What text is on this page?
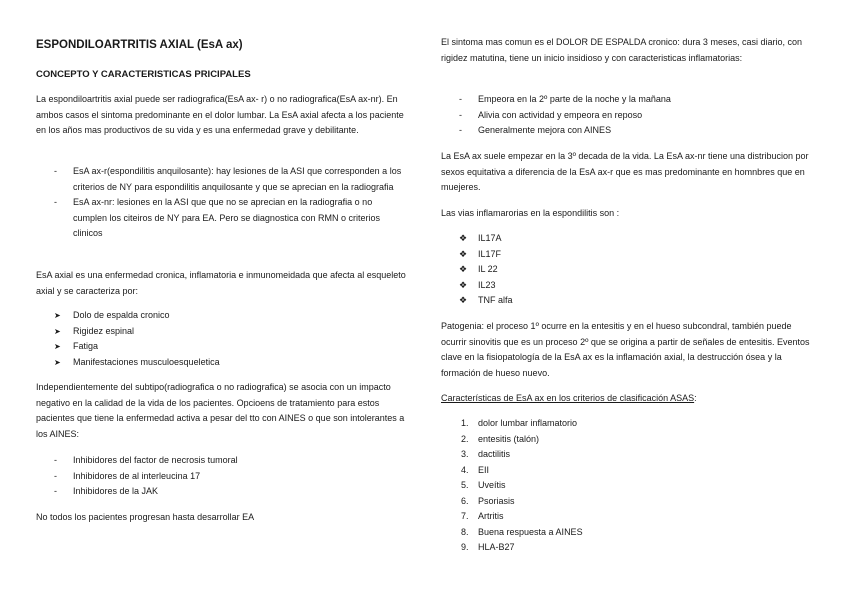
ESPONDILOARTRITIS AXIAL (EsA ax)
CONCEPTO Y CARACTERISTICAS PRICIPALES

La espondiloartritis axial puede ser radiografica(EsA ax- r) o no radiografica(EsA ax-nr). En ambos casos el sintoma predominante en el dolor lumbar. La EsA axial afecta a los paciente en los años mas productivos de su vida y es una enfermedad grave y debilitante.

- EsA ax-r(espondilitis anquilosante): hay lesiones de la ASI que corresponden a los criterios de NY para espondilitis anquilosante y que se aprecian en la radiografia
- EsA ax-nr: lesiones en la ASI que que no se aprecian en la radiografia o no cumplen los citeiros de NY para EA. Pero se diagnostica con RMN o criterios clinicos

EsA axial es una enfermedad cronica, inflamatoria e inmunomeidada que afecta al esqueleto axial y se caracteriza por:

➤ Dolo de espalda cronico
➤ Rigidez espinal
➤ Fatiga
➤ Manifestaciones musculoesqueletica

Independientemente del subtipo(radiografica o no radiografica) se asocia con un impacto negativo en la calidad de la vida de los pacientes. Opcioens de tratamiento para estos pacientes que tiene la enfermedad activa a pesar del tto con AINES o que son intolerantes a los AINES:

- Inhibidores del factor de necrosis tumoral
- Inhibidores de al interleucina 17
- Inhibidores de la JAK

No todos los pacientes progresan hasta desarrollar EA

El sintoma mas comun es el DOLOR DE ESPALDA cronico: dura 3 meses, casi diario, con rigidez matutina, tiene un inicio insidioso y con caracteristicas inflamatorias:

- Empeora en la 2º parte de la noche y la mañana
- Alivia con actividad y empeora en reposo
- Generalmente mejora con AINES

La EsA ax suele empezar en la 3º decada de la vida. La EsA ax-nr tiene una distribucion por sexos equitativa a diferencia de la EsA ax-r que es mas predominante en homnbres que en muejeres.

Las vias inflamarorias en la espondilitis son :

❖ IL17A
❖ IL17F
❖ IL 22
❖ IL23
❖ TNF alfa

Patogenia: el proceso 1º ocurre en la entesitis y en el hueso subcondral, también puede ocurrir sinovitis que es un proceso 2º que se origina a partir de señales de entesitis. Eventos clave en la fisiopatología de la EsA ax es la inflamación axial, la destrucción ósea y la formación de hueso nuevo.

Características de EsA ax en los criterios de clasificación ASAS:

1. dolor lumbar inflamatorio
2. entesitis (talón)
3. dactilitis
4. EII
5. Uveítis
6. Psoriasis
7. Artritis
8. Buena respuesta a AINES
9. HLA-B27
